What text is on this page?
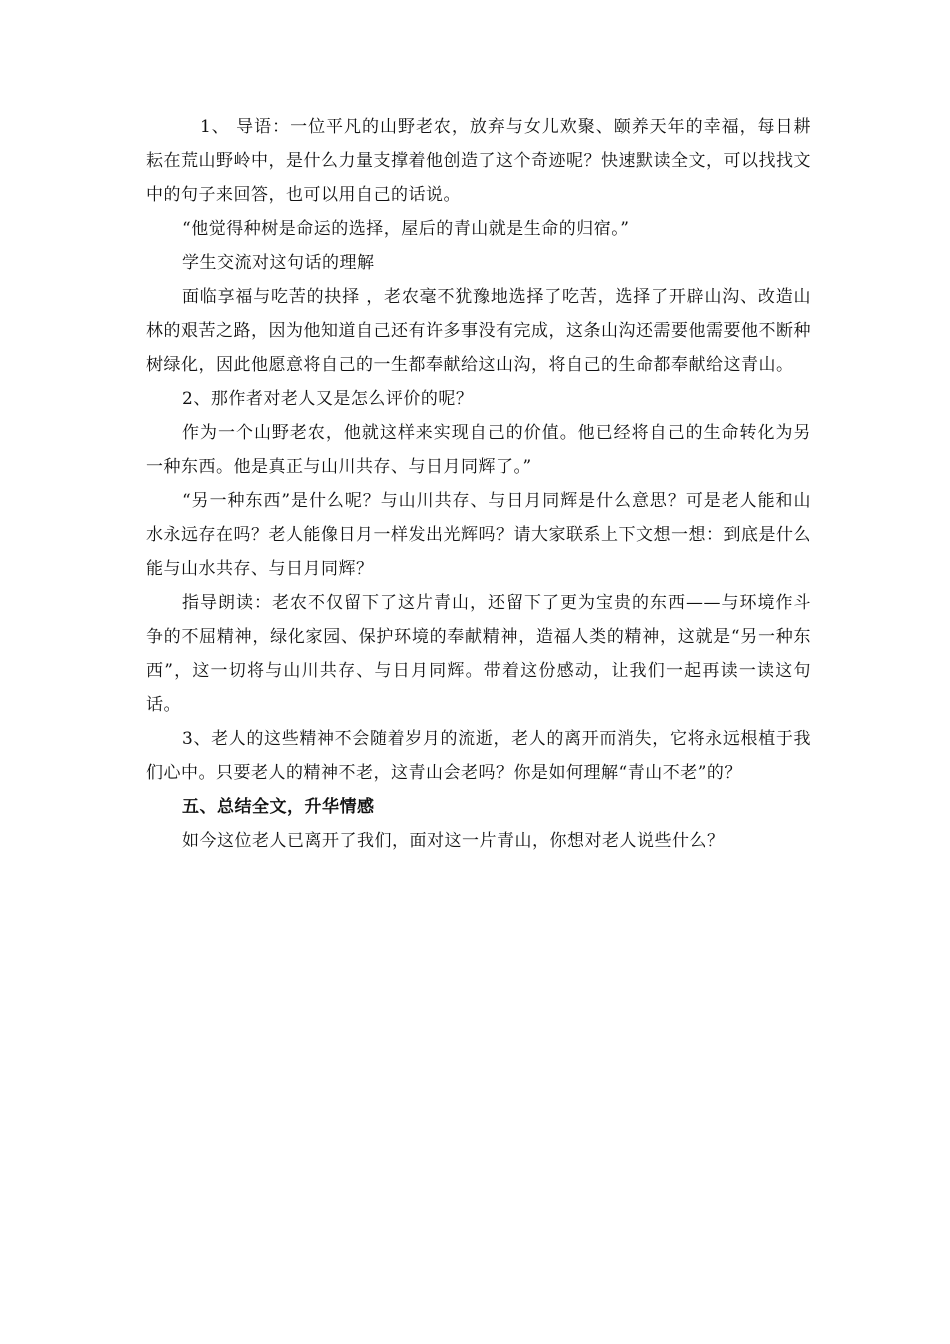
1、 导语：一位平凡的山野老农，放弃与女儿欢聚、颐养天年的幸福，每日耕耘在荒山野岭中，是什么力量支撑着他创造了这个奇迹呢？快速默读全文，可以找找文中的句子来回答，也可以用自己的话说。

“他觉得种树是命运的选择，屋后的青山就是生命的归宿。”

学生交流对这句话的理解

面临享福与吃苦的抉择 ，老农毫不犹豫地选择了吃苦，选择了开辟山沟、改造山林的艰苦之路，因为他知道自己还有许多事没有完成，这条山沟还需要他需要他不断种树绿化，因此他愿意将自己的一生都奉献给这山沟，将自己的生命都奉献给这青山。

2、那作者对老人又是怎么评价的呢？

作为一个山野老农，他就这样来实现自己的价值。他已经将自己的生命转化为另一种东西。他是真正与山川共存、与日月同辉了。”

“另一种东西”是什么呢？与山川共存、与日月同辉是什么意思？可是老人能和山水永远存在吗？老人能像日月一样发出光辉吗？请大家联系上下文想一想：到底是什么能与山水共存、与日月同辉？

指导朗读：老农不仅留下了这片青山，还留下了更为宝贵的东西——与环境作斗争的不屈精神，绿化家园、保护环境的奉献精神，造福人类的精神，这就是“另一种东西”，这一切将与山川共存、与日月同辉。带着这份感动，让我们一起再读一读这句话。

3、老人的这些精神不会随着岁月的流逝，老人的离开而消失，它将永远根植于我们心中。只要老人的精神不老，这青山会老吗？你是如何理解“青山不老”的？

五、总结全文，升华情感

如今这位老人已离开了我们，面对这一片青山，你想对老人说些什么？
